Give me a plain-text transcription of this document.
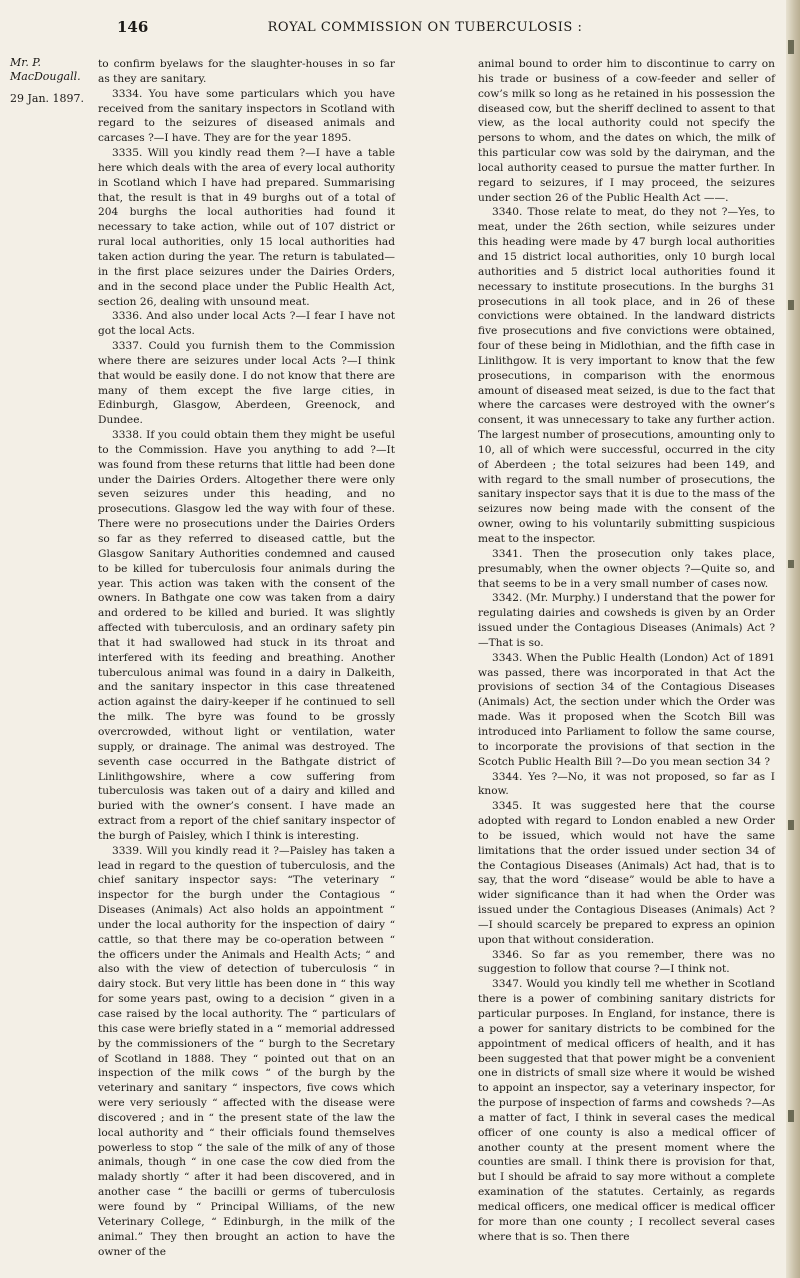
146	ROYAL COMMISSION ON TUBERCULOSIS :
Mr. P.
MacDougall.
29 Jan. 1897.

to confirm byelaws for the slaughter-houses in so far as they are sanitary.

3334. You have some particulars which you have received from the sanitary inspectors in Scotland with regard to the seizures of diseased animals and carcases ?—I have. They are for the year 1895.

3335. Will you kindly read them ?—I have a table here which deals with the area of every local authority in Scotland which I have had prepared. Summarising that, the result is that in 49 burghs out of a total of 204 burghs the local authorities had found it necessary to take action, while out of 107 district or rural local authorities, only 15 local authorities had taken action during the year. The return is tabulated—in the first place seizures under the Dairies Orders, and in the second place under the Public Health Act, section 26, dealing with unsound meat.

3336. And also under local Acts ?—I fear I have not got the local Acts.

3337. Could you furnish them to the Commission where there are seizures under local Acts ?—I think that would be easily done. I do not know that there are many of them except the five large cities, in Edinburgh, Glasgow, Aberdeen, Greenock, and Dundee.

3338. If you could obtain them they might be useful to the Commission. Have you anything to add ?—It was found from these returns that little had been done under the Dairies Orders. Altogether there were only seven seizures under this heading, and no prosecutions. Glasgow led the way with four of these. There were no prosecutions under the Dairies Orders so far as they referred to diseased cattle, but the Glasgow Sanitary Authorities condemned and caused to be killed for tuberculosis four animals during the year. This action was taken with the consent of the owners. In Bathgate one cow was taken from a dairy and ordered to be killed and buried. It was slightly affected with tuberculosis, and an ordinary safety pin that it had swallowed had stuck in its throat and interfered with its feeding and breathing. Another tuberculous animal was found in a dairy in Dalkeith, and the sanitary inspector in this case threatened action against the dairy-keeper if he continued to sell the milk. The byre was found to be grossly overcrowded, without light or ventilation, water supply, or drainage. The animal was destroyed. The seventh case occurred in the Bathgate district of Linlithgowshire, where a cow suffering from tuberculosis was taken out of a dairy and killed and buried with the owner’s consent. I have made an extract from a report of the chief sanitary inspector of the burgh of Paisley, which I think is interesting.

3339. Will you kindly read it ?—Paisley has taken a lead in regard to the question of tuberculosis, and the chief sanitary inspector says: “The veterinary “ inspector for the burgh under the Contagious “ Diseases (Animals) Act also holds an appointment “ under the local authority for the inspection of dairy “ cattle, so that there may be co-operation between “ the officers under the Animals and Health Acts; “ and also with the view of detection of tuberculosis “ in dairy stock. But very little has been done in “ this way for some years past, owing to a decision “ given in a case raised by the local authority. The “ particulars of this case were briefly stated in a “ memorial addressed by the commissioners of the “ burgh to the Secretary of Scotland in 1888. They “ pointed out that on an inspection of the milk cows “ of the burgh by the veterinary and sanitary “ inspectors, five cows which were very seriously “ affected with the disease were discovered ; and in “ the present state of the law the local authority and “ their officials found themselves powerless to stop “ the sale of the milk of any of those animals, though “ in one case the cow died from the malady shortly “ after it had been discovered, and in another case “ the bacilli or germs of tuberculosis were found by “ Principal Williams, of the new Veterinary College, “ Edinburgh, in the milk of the animal.” They then brought an action to have the owner of the

animal bound to order him to discontinue to carry on his trade or business of a cow-feeder and seller of cow’s milk so long as he retained in his possession the diseased cow, but the sheriff declined to assent to that view, as the local authority could not specify the persons to whom, and the dates on which, the milk of this particular cow was sold by the dairyman, and the local authority ceased to pursue the matter further. In regard to seizures, if I may proceed, the seizures under section 26 of the Public Health Act ——.

3340. Those relate to meat, do they not ?—Yes, to meat, under the 26th section, while seizures under this heading were made by 47 burgh local authorities and 15 district local authorities, only 10 burgh local authorities and 5 district local authorities found it necessary to institute prosecutions. In the burghs 31 prosecutions in all took place, and in 26 of these convictions were obtained. In the landward districts five prosecutions and five convictions were obtained, four of these being in Midlothian, and the fifth case in Linlithgow. It is very important to know that the few prosecutions, in comparison with the enormous amount of diseased meat seized, is due to the fact that where the carcases were destroyed with the owner’s consent, it was unnecessary to take any further action. The largest number of prosecutions, amounting only to 10, all of which were successful, occurred in the city of Aberdeen ; the total seizures had been 149, and with regard to the small number of prosecutions, the sanitary inspector says that it is due to the mass of the seizures now being made with the consent of the owner, owing to his voluntarily submitting suspicious meat to the inspector.

3341. Then the prosecution only takes place, presumably, when the owner objects ?—Quite so, and that seems to be in a very small number of cases now.

3342. (Mr. Murphy.) I understand that the power for regulating dairies and cowsheds is given by an Order issued under the Contagious Diseases (Animals) Act ?—That is so.

3343. When the Public Health (London) Act of 1891 was passed, there was incorporated in that Act the provisions of section 34 of the Contagious Diseases (Animals) Act, the section under which the Order was made. Was it proposed when the Scotch Bill was introduced into Parliament to follow the same course, to incorporate the provisions of that section in the Scotch Public Health Bill ?—Do you mean section 34 ?

3344. Yes ?—No, it was not proposed, so far as I know.

3345. It was suggested here that the course adopted with regard to London enabled a new Order to be issued, which would not have the same limitations that the order issued under section 34 of the Contagious Diseases (Animals) Act had, that is to say, that the word “disease” would be able to have a wider significance than it had when the Order was issued under the Contagious Diseases (Animals) Act ?—I should scarcely be prepared to express an opinion upon that without consideration.

3346. So far as you remember, there was no suggestion to follow that course ?—I think not.

3347. Would you kindly tell me whether in Scotland there is a power of combining sanitary districts for particular purposes. In England, for instance, there is a power for sanitary districts to be combined for the appointment of medical officers of health, and it has been suggested that that power might be a convenient one in districts of small size where it would be wished to appoint an inspector, say a veterinary inspector, for the purpose of inspection of farms and cowsheds ?—As a matter of fact, I think in several cases the medical officer of one county is also a medical officer of another county at the present moment where the counties are small. I think there is provision for that, but I should be afraid to say more without a complete examination of the statutes. Certainly, as regards medical officers, one medical officer is medical officer for more than one county ; I recollect several cases where that is so. Then there
